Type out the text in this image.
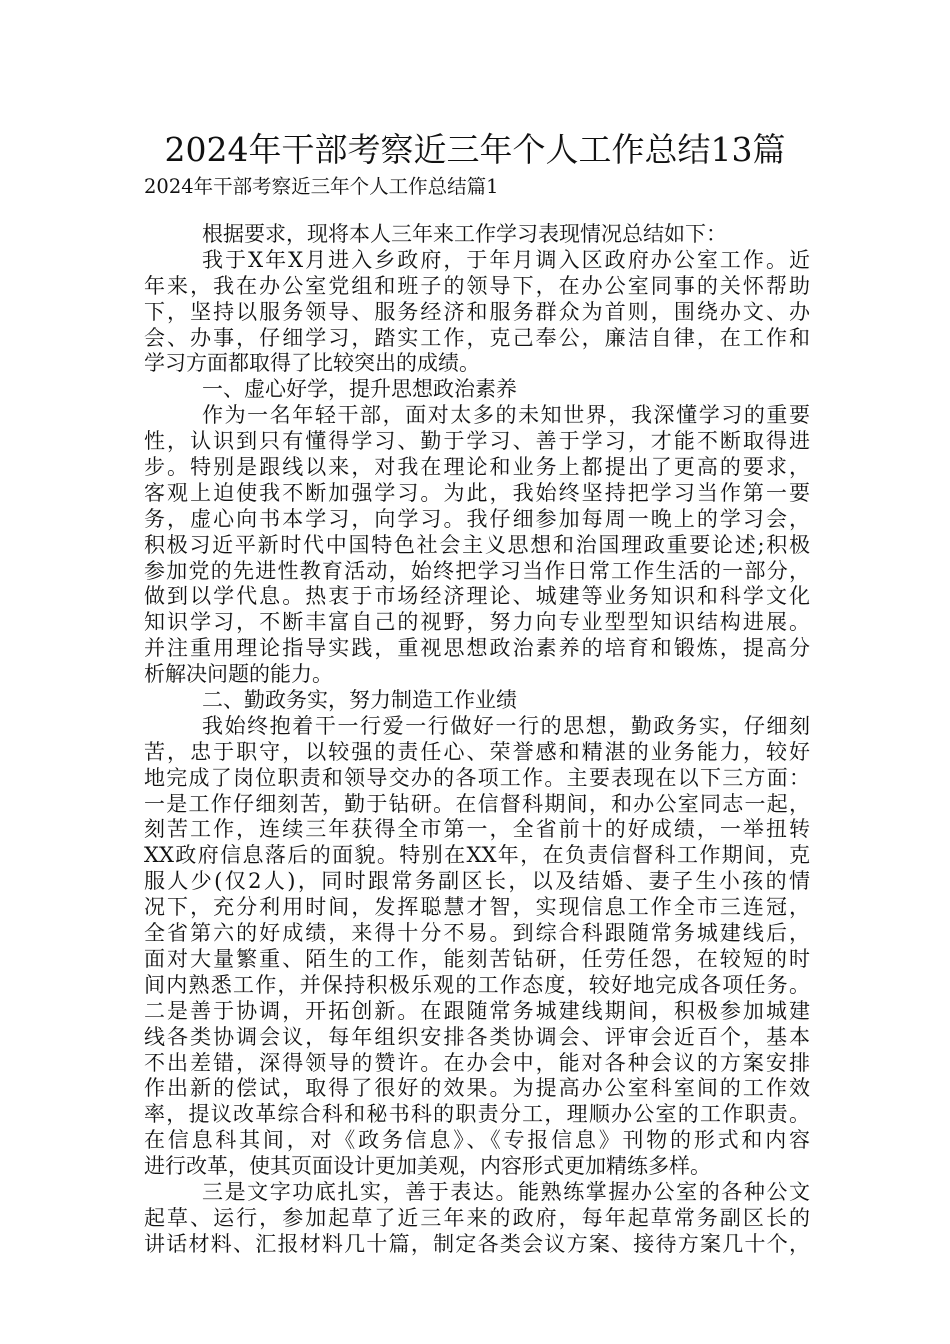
2024年干部考察近三年个人工作总结13篇
2024年干部考察近三年个人工作总结篇1
根据要求，现将本人三年来工作学习表现情况总结如下：
我于X年X月进入乡政府，于年月调入区政府办公室工作。近
年来，我在办公室党组和班子的领导下，在办公室同事的关怀帮助
下，坚持以服务领导、服务经济和服务群众为首则，围绕办文、办
会、办事，仔细学习，踏实工作，克己奉公，廉洁自律，在工作和
学习方面都取得了比较突出的成绩。
一、虚心好学，提升思想政治素养
作为一名年轻干部，面对太多的未知世界，我深懂学习的重要
性，认识到只有懂得学习、勤于学习、善于学习，才能不断取得进
步。特别是跟线以来，对我在理论和业务上都提出了更高的要求，
客观上迫使我不断加强学习。为此，我始终坚持把学习当作第一要
务，虚心向书本学习，向学习。我仔细参加每周一晚上的学习会，
积极习近平新时代中国特色社会主义思想和治国理政重要论述;积极
参加党的先进性教育活动，始终把学习当作日常工作生活的一部分，
做到以学代息。热衷于市场经济理论、城建等业务知识和科学文化
知识学习，不断丰富自己的视野，努力向专业型型知识结构进展。
并注重用理论指导实践，重视思想政治素养的培育和锻炼，提高分
析解决问题的能力。
二、勤政务实，努力制造工作业绩
我始终抱着干一行爱一行做好一行的思想，勤政务实，仔细刻
苦，忠于职守，以较强的责任心、荣誉感和精湛的业务能力，较好
地完成了岗位职责和领导交办的各项工作。主要表现在以下三方面：
一是工作仔细刻苦，勤于钻研。在信督科期间，和办公室同志一起，
刻苦工作，连续三年获得全市第一，全省前十的好成绩，一举扭转
XX政府信息落后的面貌。特别在XX年，在负责信督科工作期间，克
服人少(仅2人)，同时跟常务副区长，以及结婚、妻子生小孩的情
况下，充分利用时间，发挥聪慧才智，实现信息工作全市三连冠，
全省第六的好成绩，来得十分不易。到综合科跟随常务城建线后，
面对大量繁重、陌生的工作，能刻苦钻研，任劳任怨，在较短的时
间内熟悉工作，并保持积极乐观的工作态度，较好地完成各项任务。
二是善于协调，开拓创新。在跟随常务城建线期间，积极参加城建
线各类协调会议，每年组织安排各类协调会、评审会近百个，基本
不出差错，深得领导的赞许。在办会中，能对各种会议的方案安排
作出新的偿试，取得了很好的效果。为提高办公室科室间的工作效
率，提议改革综合科和秘书科的职责分工，理顺办公室的工作职责。
在信息科其间，对《政务信息》、《专报信息》刊物的形式和内容
进行改革，使其页面设计更加美观，内容形式更加精练多样。
三是文字功底扎实，善于表达。能熟练掌握办公室的各种公文
起草、运行，参加起草了近三年来的政府，每年起草常务副区长的
讲话材料、汇报材料几十篇，制定各类会议方案、接待方案几十个，
